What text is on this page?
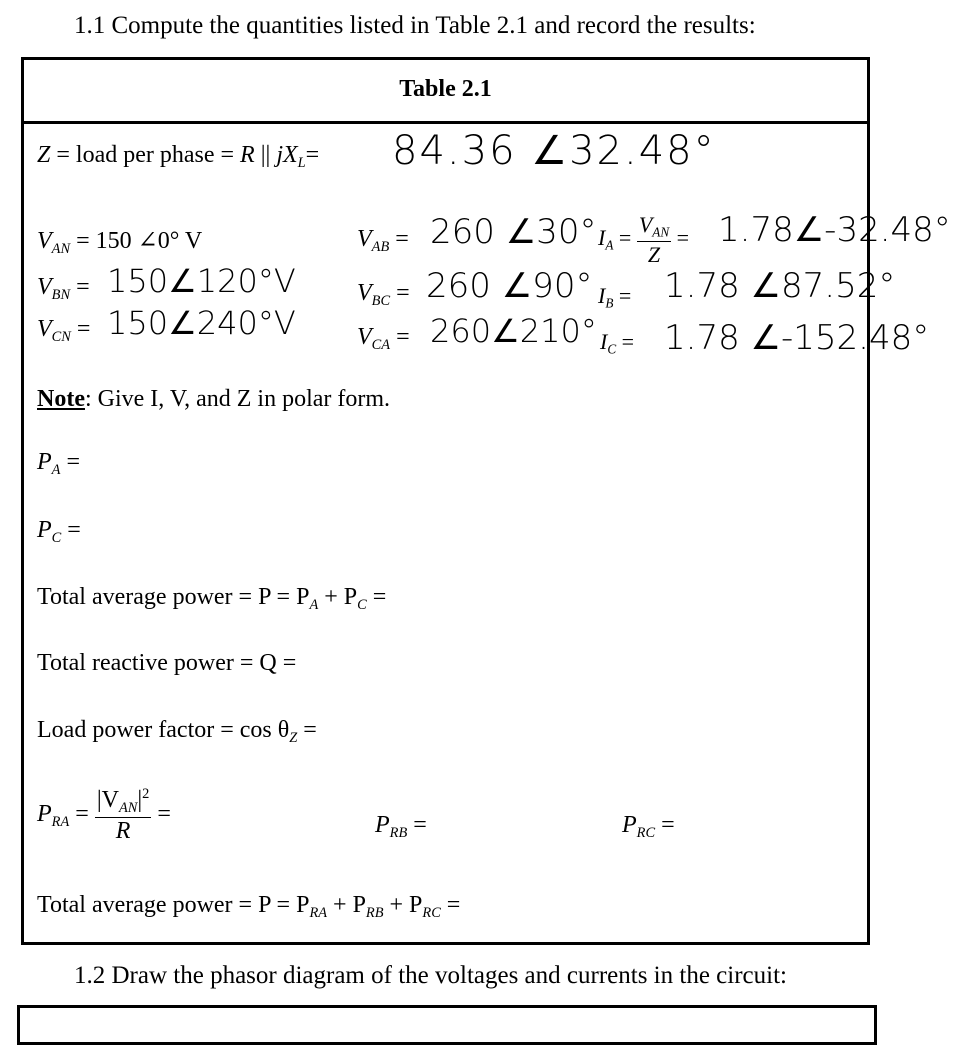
1.1 Compute the quantities listed in Table 2.1 and record the results:
Table 2.1
Z = load per phase = R || $jX_L= 84.36$ ∠32.48°
$V_{AN} = 150$ ∠0° V
$V_{BN}$ = 150∠120°V
$V_{CN}$ = 150∠240°V
$V_{AB} = 260$ ∠30°
$V_{BC} = 260$ ∠90°
$V_{CA}$ = 260∠210°
$I_A = \frac{V_{AN}}{Z}$ = 1.78∠-32.48°
$I_B = 1.78$ ∠87.52°
$I_C = 1.78$ ∠-152.48°
Note: Give I, V, and Z in polar form.
$P_A$ =
$P_C$ =
Total average power = $P = P_A + P_C$ =
Total reactive power = Q =
Load power factor = $\cos \theta_Z$ =
$P_{RA} = \frac{|V_{AN}|^2}{R}$ =	$P_{RB}$ =	$P_{RC}$ =
Total average power = $P = P_{RA} + P_{RB} + P_{RC}$ =
1.2 Draw the phasor diagram of the voltages and currents in the circuit:
